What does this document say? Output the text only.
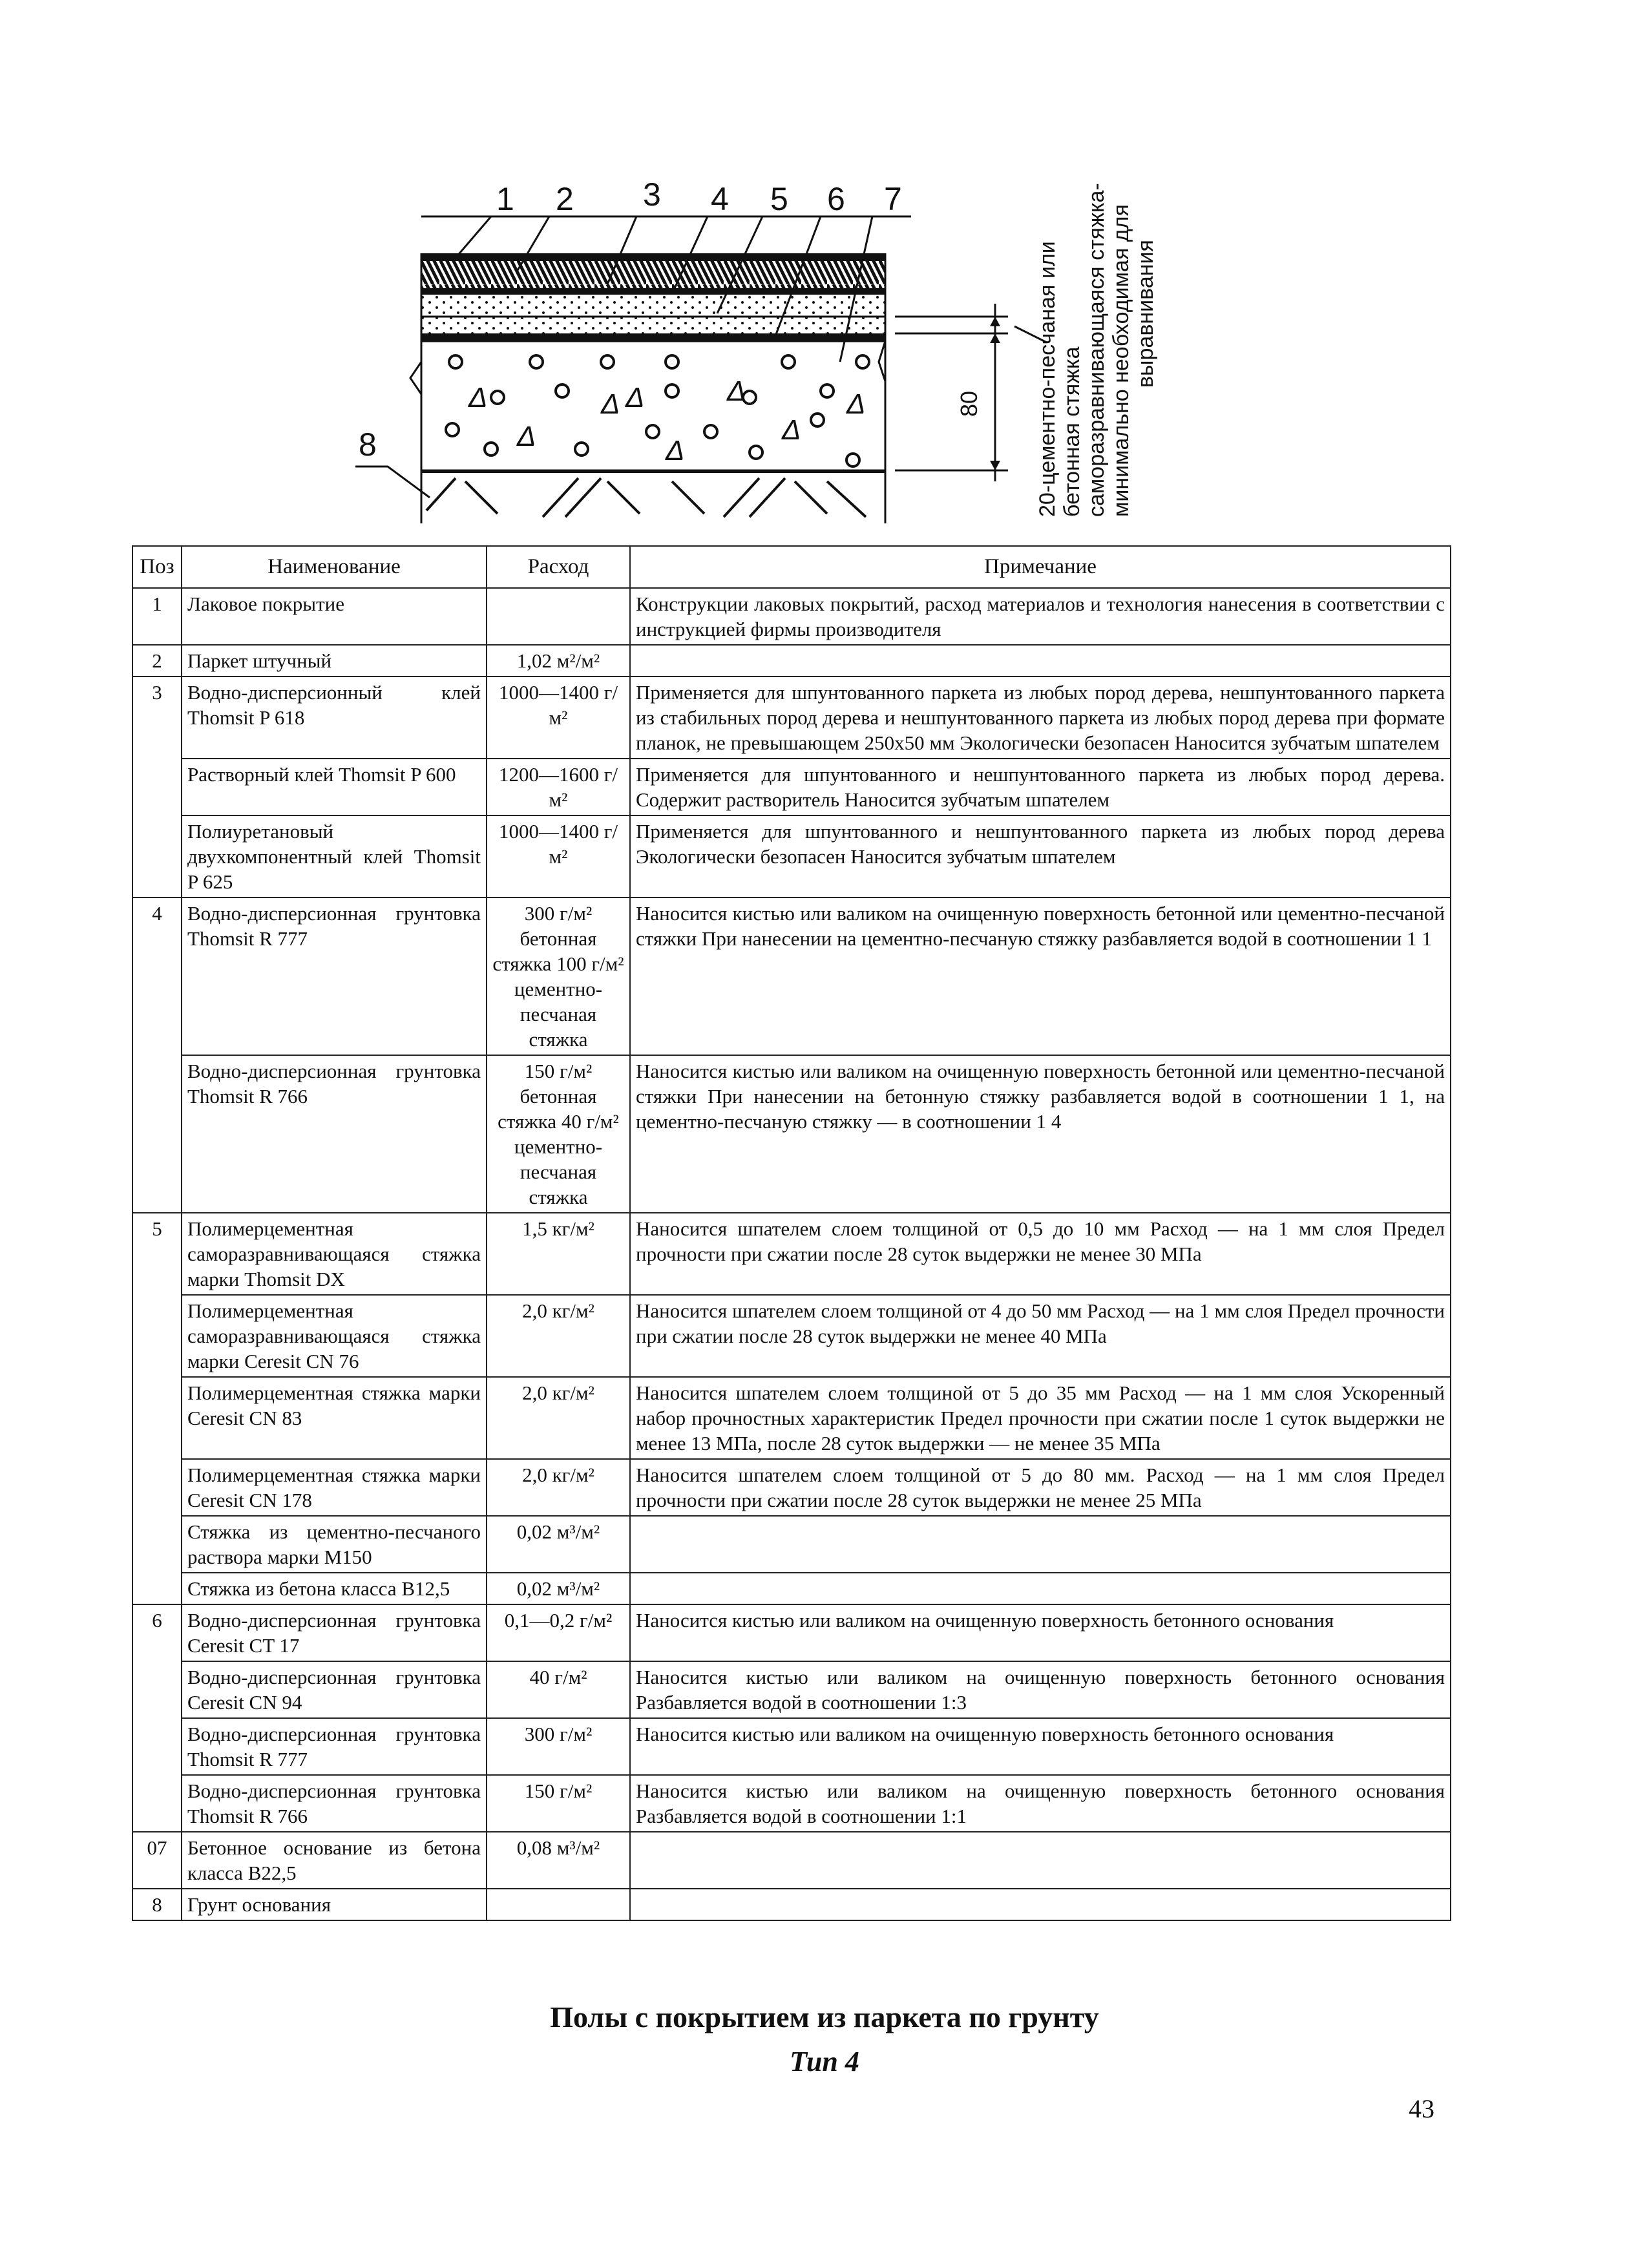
Δ	Δ Δ	Δ	Δ
Δ	Δ
Δ
1 2 3 4 5 6 7
8
80 20-цементно-песчаная или бетонная стяжка саморазравнивающаяся стяжка- минимально необходимая для выравнивания
Поз	Наименование	Расход	Примечание
1	Лаковое покрытие		Конструкции лаковых покрытий, расход материалов и технология нанесения в соответствии с инструкцией фирмы производителя
2	Паркет штучный	1,02 м²/м²	
3	Водно-дисперсионный клей Thomsit P 618	1000—1400 г/м²	Применяется для шпунтованного паркета из любых пород дерева, нешпунтованного паркета из стабильных пород дерева и нешпунтованного паркета из любых пород дерева при формате планок, не превышающем 250х50 мм Экологически безопасен Наносится зубчатым шпателем
	Растворный клей Thomsit P 600	1200—1600 г/м²	Применяется для шпунтованного и нешпунтованного паркета из любых пород дерева. Содержит растворитель Наносится зубчатым шпателем
	Полиуретановый двухкомпонентный клей Thomsit P 625	1000—1400 г/м²	Применяется для шпунтованного и нешпунтованного паркета из любых пород дерева Экологически безопасен Наносится зубчатым шпателем
4	Водно-дисперсионная грунтовка Thomsit R 777	300 г/м² бетонная стяжка 100 г/м² цементно-песчаная стяжка	Наносится кистью или валиком на очищенную поверхность бетонной или цементно-песчаной стяжки При нанесении на цементно-песчаную стяжку разбавляется водой в соотношении 1 1
	Водно-дисперсионная грунтовка Thomsit R 766	150 г/м² бетонная стяжка 40 г/м² цементно-песчаная стяжка	Наносится кистью или валиком на очищенную поверхность бетонной или цементно-песчаной стяжки При нанесении на бетонную стяжку разбавляется водой в соотношении 1 1, на цементно-песчаную стяжку — в соотношении 1 4
5	Полимерцементная саморазравнивающаяся стяжка марки Thomsit DX	1,5 кг/м²	Наносится шпателем слоем толщиной от 0,5 до 10 мм Расход — на 1 мм слоя Предел прочности при сжатии после 28 суток выдержки не менее 30 МПа
	Полимерцементная саморазравнивающаяся стяжка марки Ceresit CN 76	2,0 кг/м²	Наносится шпателем слоем толщиной от 4 до 50 мм Расход — на 1 мм слоя Предел прочности при сжатии после 28 суток выдержки не менее 40 МПа
	Полимерцементная стяжка марки Ceresit CN 83	2,0 кг/м²	Наносится шпателем слоем толщиной от 5 до 35 мм Расход — на 1 мм слоя Ускоренный набор прочностных характеристик Предел прочности при сжатии после 1 суток выдержки не менее 13 МПа, после 28 суток выдержки — не менее 35 МПа
	Полимерцементная стяжка марки Ceresit CN 178	2,0 кг/м²	Наносится шпателем слоем толщиной от 5 до 80 мм. Расход — на 1 мм слоя Предел прочности при сжатии после 28 суток выдержки не менее 25 МПа
	Стяжка из цементно-песчаного раствора марки М150	0,02 м³/м²	
	Стяжка из бетона класса В12,5	0,02 м³/м²	
6	Водно-дисперсионная грунтовка Ceresit CT 17	0,1—0,2 г/м²	Наносится кистью или валиком на очищенную поверхность бетонного основания
	Водно-дисперсионная грунтовка Ceresit CN 94	40 г/м²	Наносится кистью или валиком на очищенную поверхность бетонного основания Разбавляется водой в соотношении 1:3
	Водно-дисперсионная грунтовка Thomsit R 777	300 г/м²	Наносится кистью или валиком на очищенную поверхность бетонного основания
	Водно-дисперсионная грунтовка Thomsit R 766	150 г/м²	Наносится кистью или валиком на очищенную поверхность бетонного основания Разбавляется водой в соотношении 1:1
07	Бетонное основание из бетона класса В22,5	0,08 м³/м²	
8	Грунт основания		
Полы с покрытием из паркета по грунту
Тип 4
43
